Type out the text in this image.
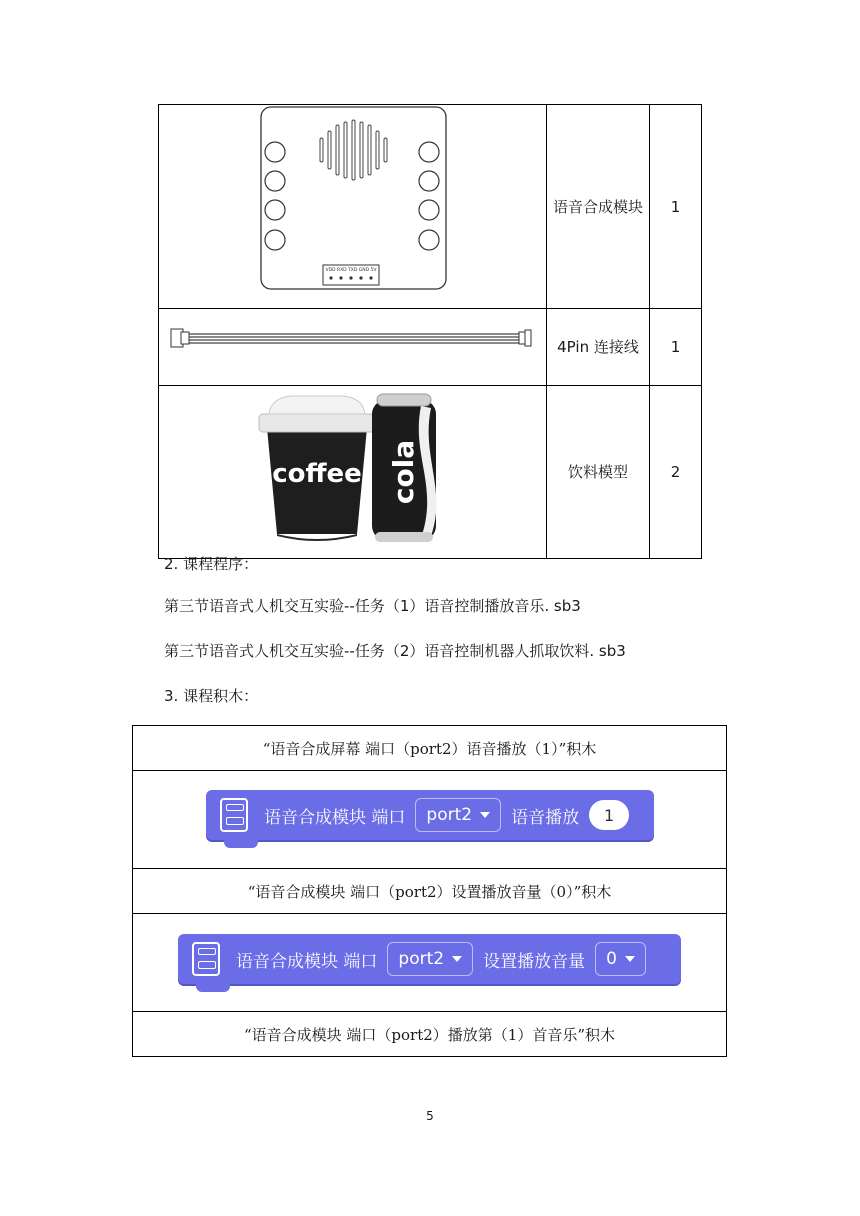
VDD RXD TXD GND 5V	语音合成模块	1
	4Pin 连接线	1

coffee cola	饮料模型	2
2. 课程程序：
第三节语音式人机交互实验--任务（1）语音控制播放音乐. sb3
第三节语音式人机交互实验--任务（2）语音控制机器人抓取饮料. sb3
3. 课程积木：
“语音合成屏幕 端口（port2）语音播放（1）”积木

“语音合成模块 端口（port2）设置播放音量（0）”积木

“语音合成模块 端口（port2）播放第（1）首音乐”积木
语音合成模块 端口 port2 语音播放	1
语音合成模块 端口 port2 设置播放音量 0
5
